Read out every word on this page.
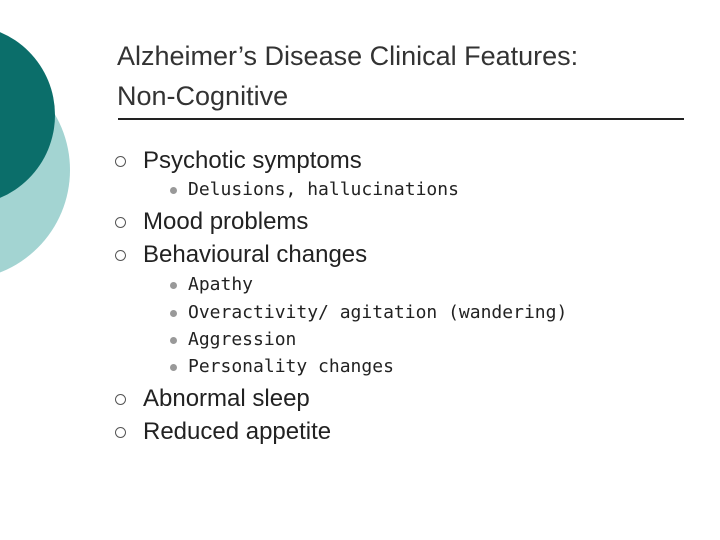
Alzheimer’s Disease Clinical Features:
Non-Cognitive
Psychotic symptoms
Delusions, hallucinations
Mood problems
Behavioural changes
Apathy
Overactivity/ agitation (wandering)
Aggression
Personality changes
Abnormal sleep
Reduced appetite
